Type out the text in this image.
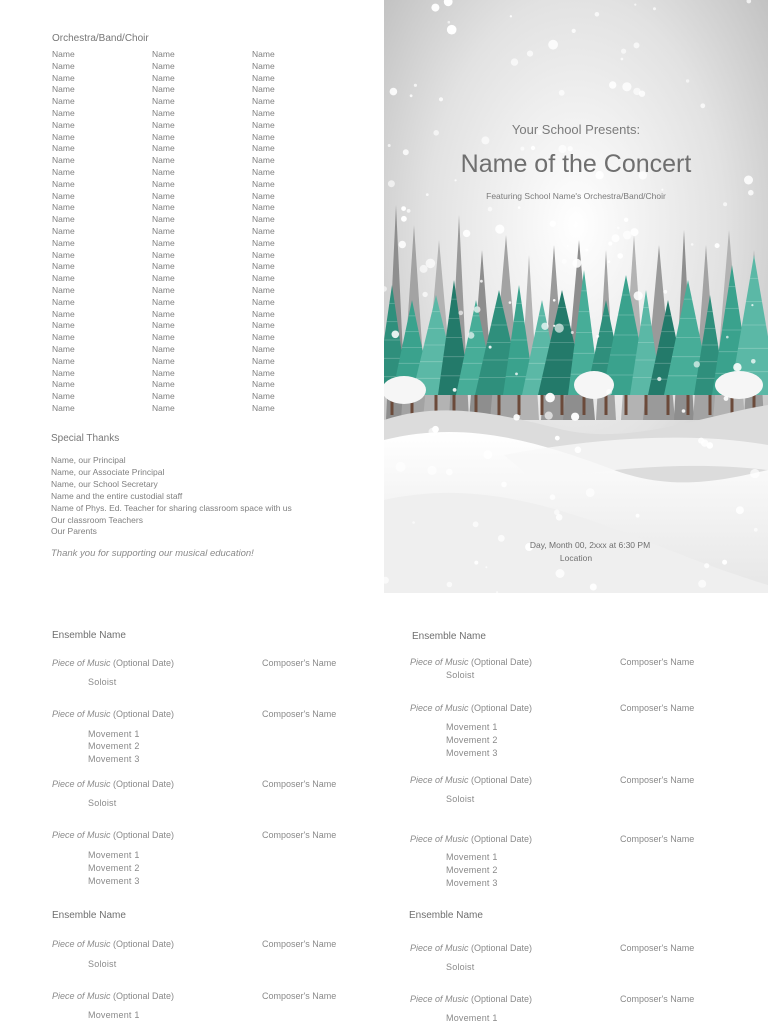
Orchestra/Band/Choir
Name	Name	Name
Name	Name	Name
Name	Name	Name
Name	Name	Name
Name	Name	Name
Name	Name	Name
Name	Name	Name
Name	Name	Name
Name	Name	Name
Name	Name	Name
Name	Name	Name
Name	Name	Name
Name	Name	Name
Name	Name	Name
Name	Name	Name
Name	Name	Name
Name	Name	Name
Name	Name	Name
Name	Name	Name
Name	Name	Name
Name	Name	Name
Name	Name	Name
Name	Name	Name
Name	Name	Name
Name	Name	Name
Name	Name	Name
Name	Name	Name
Name	Name	Name
Name	Name	Name
Name	Name	Name
Name	Name	Name
Special Thanks
Name, our Principal
Name, our Associate Principal
Name, our School Secretary
Name and the entire custodial staff
Name of Phys. Ed. Teacher for sharing classroom space with us
Our classroom Teachers
Our Parents
Thank you for supporting our musical education!
Your School Presents:
Name of the Concert
Featuring School Name's Orchestra/Band/Choir
Day, Month 00, 2xxx at 6:30 PM
Location
Ensemble Name
Piece of Music (Optional Date)	Composer's Name
Soloist
Piece of Music (Optional Date)	Composer's Name
Movement 1
Movement 2
Movement 3
Piece of Music (Optional Date)	Composer's Name
Soloist
Piece of Music (Optional Date)	Composer's Name
Movement 1
Movement 2
Movement 3
Ensemble Name
Piece of Music (Optional Date)	Composer's Name
Soloist
Piece of Music (Optional Date)	Composer's Name
Movement 1
Ensemble Name
Piece of Music (Optional Date)	Composer's Name
Soloist
Piece of Music (Optional Date)	Composer's Name
Movement 1
Movement 2
Movement 3
Piece of Music (Optional Date)	Composer's Name
Soloist
Piece of Music (Optional Date)	Composer's Name
Movement 1
Movement 2
Movement 3
Ensemble Name
Piece of Music (Optional Date)	Composer's Name
Soloist
Piece of Music (Optional Date)	Composer's Name
Movement 1
